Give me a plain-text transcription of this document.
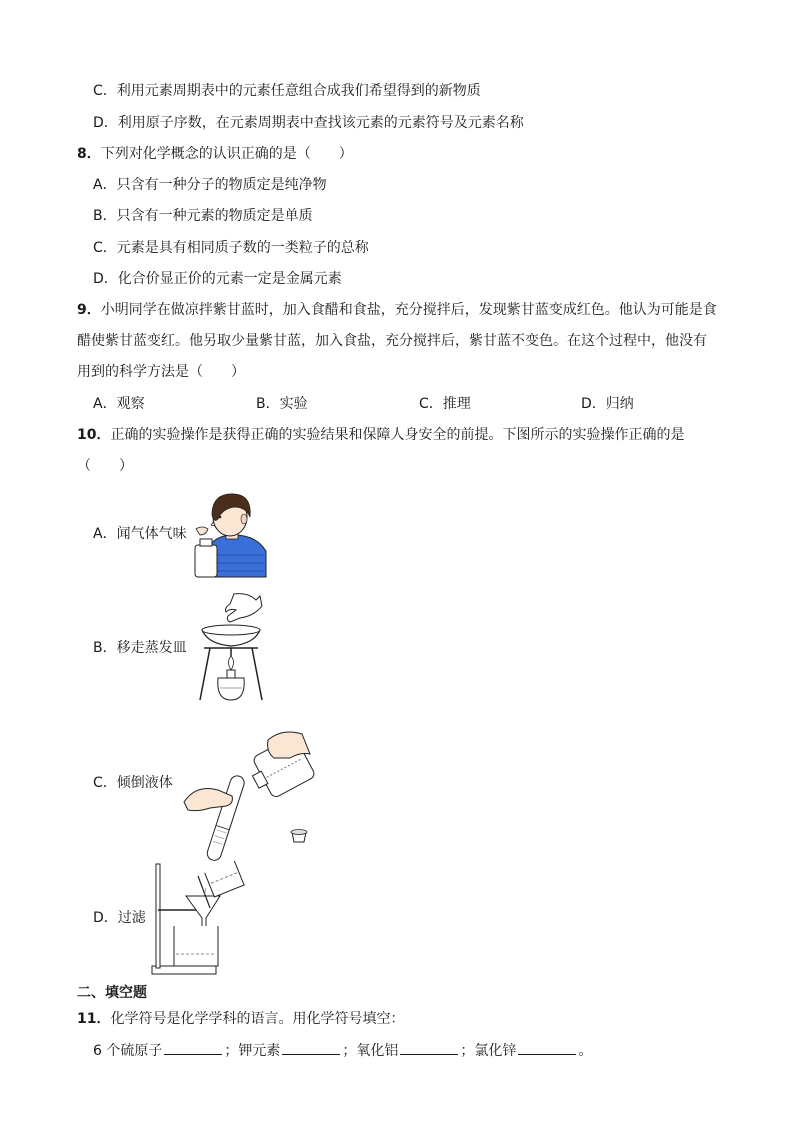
C．利用元素周期表中的元素任意组合成我们希望得到的新物质
D．利用原子序数，在元素周期表中查找该元素的元素符号及元素名称
8．下列对化学概念的认识正确的是（　　）
A．只含有一种分子的物质定是纯净物
B．只含有一种元素的物质定是单质
C．元素是具有相同质子数的一类粒子的总称
D．化合价显正价的元素一定是金属元素
9．小明同学在做凉拌紫甘蓝时，加入食醋和食盐，充分搅拌后，发现紫甘蓝变成红色。他认为可能是食
醋使紫甘蓝变红。他另取少量紫甘蓝，加入食盐，充分搅拌后，紫甘蓝不变色。在这个过程中，他没有
用到的科学方法是（　　）
A．观察	B．实验	C．推理	D．归纳
10．正确的实验操作是获得正确的实验结果和保障人身安全的前提。下图所示的实验操作正确的是
（　　）
A．闻气体气味
B．移走蒸发皿
C．倾倒液体
D．过滤
二、填空题
11．化学符号是化学学科的语言。用化学符号填空：
6 个硫原子	；钾元素	；氧化铝	；氯化锌	。
